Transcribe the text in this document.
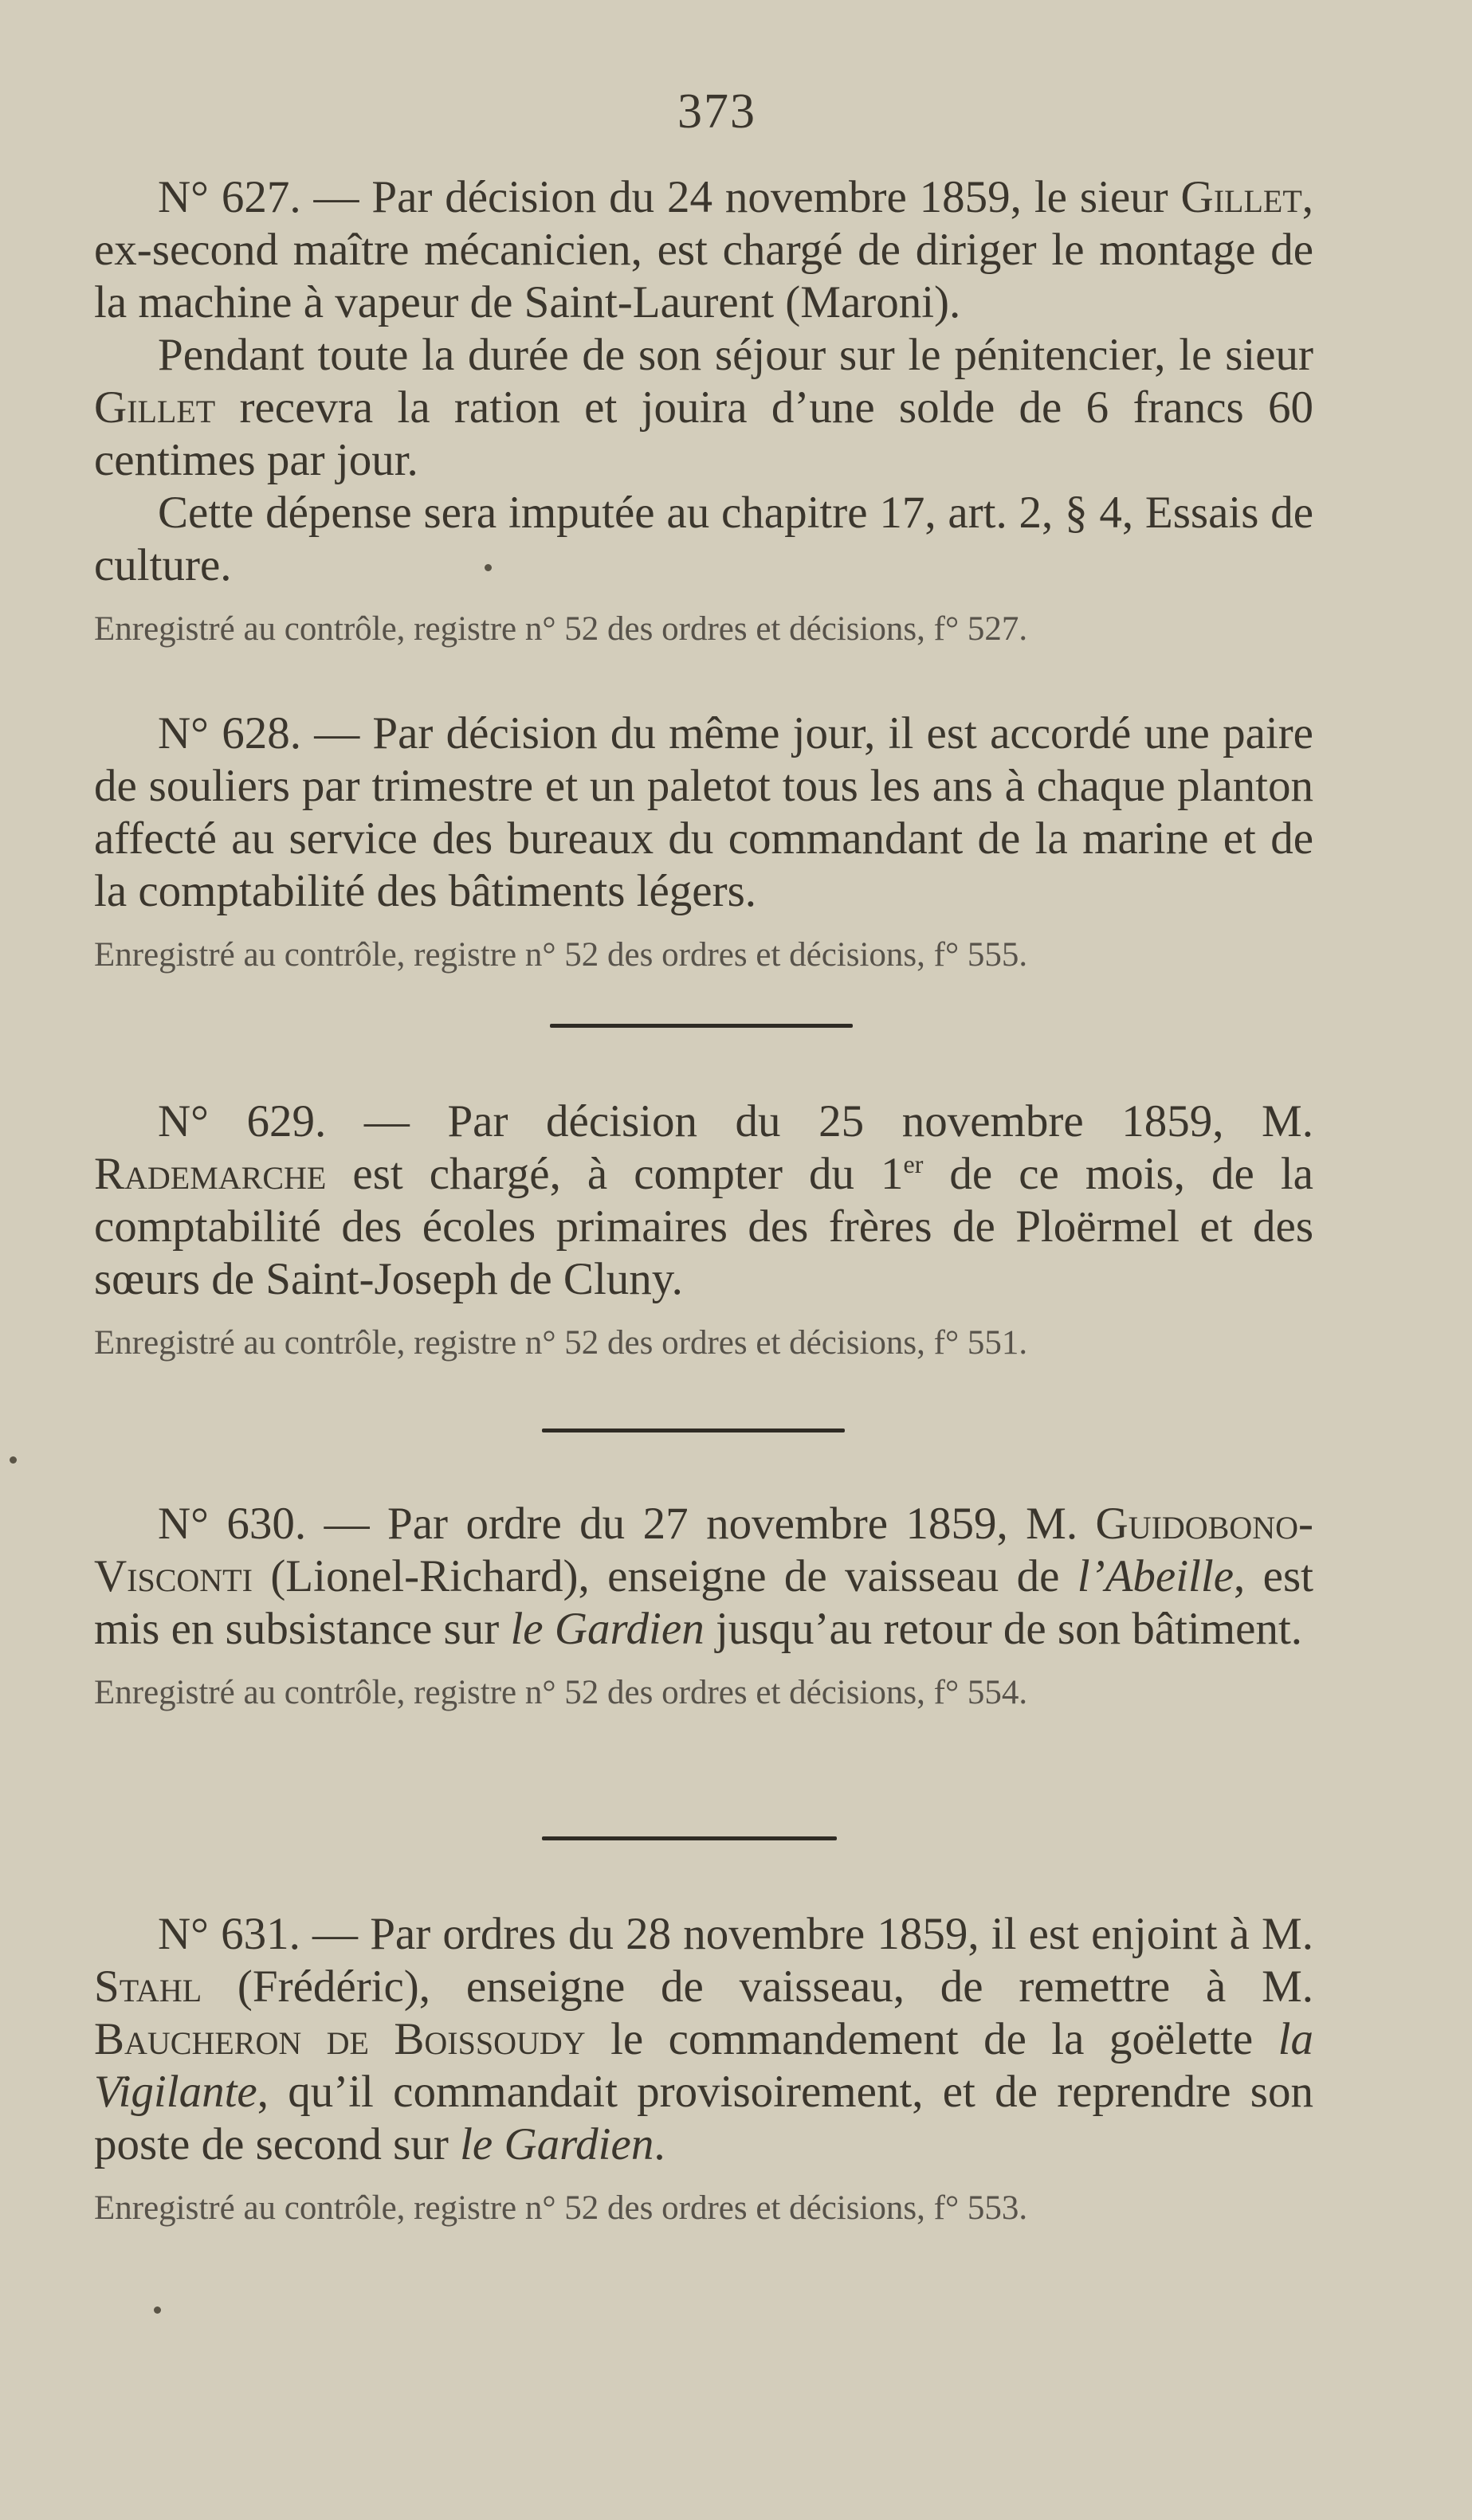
373

N° 627. — Par décision du 24 novembre 1859, le sieur Gillet, ex-second maître mécanicien, est chargé de diriger le montage de la machine à vapeur de Saint-Laurent (Maroni).

Pendant toute la durée de son séjour sur le pénitencier, le sieur Gillet recevra la ration et jouira d’une solde de 6 francs 60 centimes par jour.

Cette dépense sera imputée au chapitre 17, art. 2, § 4, Essais de culture.

Enregistré au contrôle, registre n° 52 des ordres et décisions, f° 527.

N° 628. — Par décision du même jour, il est accordé une paire de souliers par trimestre et un paletot tous les ans à chaque planton affecté au service des bureaux du commandant de la marine et de la comptabilité des bâtiments légers.

Enregistré au contrôle, registre n° 52 des ordres et décisions, f° 555.

N° 629. — Par décision du 25 novembre 1859, M. Rademarche est chargé, à compter du 1er de ce mois, de la comptabilité des écoles primaires des frères de Ploërmel et des sœurs de Saint-Joseph de Cluny.

Enregistré au contrôle, registre n° 52 des ordres et décisions, f° 551.

N° 630. — Par ordre du 27 novembre 1859, M. Guidobono-Visconti (Lionel-Richard), enseigne de vaisseau de l’Abeille, est mis en subsistance sur le Gardien jusqu’au retour de son bâtiment.

Enregistré au contrôle, registre n° 52 des ordres et décisions, f° 554.

N° 631. — Par ordres du 28 novembre 1859, il est enjoint à M. Stahl (Frédéric), enseigne de vaisseau, de remettre à M. Baucheron de Boissoudy le commandement de la goëlette la Vigilante, qu’il commandait provisoirement, et de reprendre son poste de second sur le Gardien.

Enregistré au contrôle, registre n° 52 des ordres et décisions, f° 553.
